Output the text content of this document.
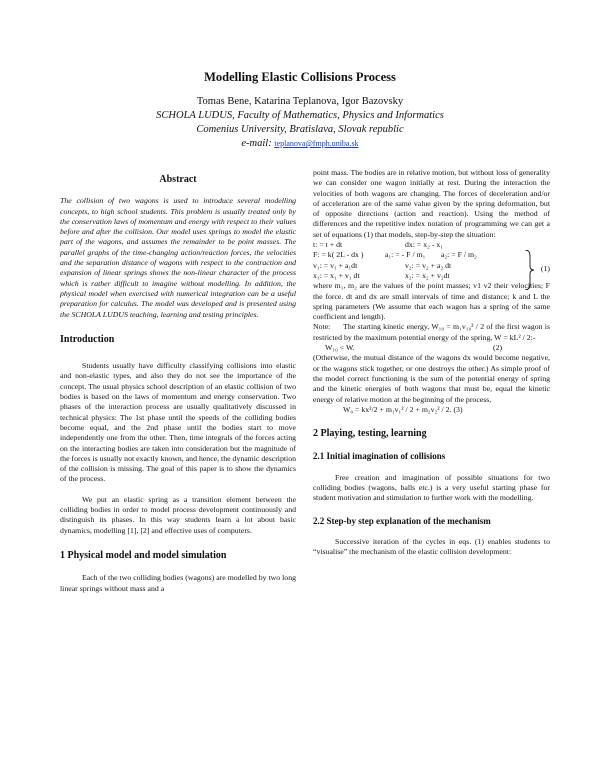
Modelling Elastic Collisions Process

Tomas Bene, Katarina Teplanova, Igor Bazovsky

SCHOLA LUDUS, Faculty of Mathematics, Physics and Informatics

Comenius University, Bratislava, Slovak republic

e-mail: teplanova@fmph.uniba.sk

Abstract

The collision of two wagons is used to introduce several modelling concepts, to high school students. This problem is usually treated only by the conservation laws of momentum and energy with respect to their values before and after the collision. Our model uses springs to model the elastic part of the wagons, and assumes the remainder to be point masses. The parallel graphs of the time-changing action/reaction forces, the velocities and the separation distance of wagons with respect to the contraction and expansion of linear springs shows the non-linear character of the process which is rather difficult to imagine without modelling. In addition, the physical model when exercised with numerical integration can be a useful preparation for calculus. The model was developed and is presented using the SCHOLA LUDUS teaching, learning and testing principles.

Introduction

Students usually have difficulty classifying collisions into elastic and non-elastic types, and also they do not see the importance of the concept. The usual physics school description of an elastic collision of two bodies is based on the laws of momentum and energy conservation. Two phases of the interaction process are usually qualitatively discussed in technical physics: The 1st phase until the speeds of the colliding bodies become equal, and the 2nd phase until the bodies start to move independently one from the other. Then, time integrals of the forces acting on the interacting bodies are taken into consideration but the magnitude of the forces is usually not exactly known, and hence, the dynamic description of the collision is missing. The goal of this paper is to show the dynamics of the process.

We put an elastic spring as a transition element between the colliding bodies in order to model process development continuously and distinguish its phases. In this way students learn a lot about basic dynamics, modelling [1], [2] and effective uses of computers.

1 Physical model and model simulation

Each of the two colliding bodies (wagons) are modelled by two long linear springs without mass and a

point mass. The bodies are in relative motion, but without loss of generality we can consider one wagon initially at rest. During the interaction the velocities of both wagons are changing. The forces of deceleration and/or of acceleration are of the same value given by the spring deformation, but of opposite directions (action and reaction). Using the method of differences and the repetitive index notation of programming we can get a set of equations (1) that models, step-by-step the situation:

t: = t + dt	dx: = x₂ - x₁
F: = k( 2L - dx )	a₁: = - F / m₁ a₂: = F / m₂
v₁: = v₁ + a₁dt	v₂: = v₂ + a₂ dt
x₁: = x₁ + v₁ dt	x₂: = x₂ + v₂dt
(1)

where m₁, m₂ are the values of the point masses; v1 v2 their velocities; F the force. dt and dx are small intervals of time and distance; k and L the spring parameters (We assume that each wagon has a spring of the same coefficient and length).

Note: The starting kinetic energy, W₁₀ = m₁v₁₀² / 2 of the first wagon is restricted by the maximum potential energy of the spring, W = kL² / 2:-

W₁₀ < W.	(2)

(Otherwise, the mutual distance of the wagons dx would become negative, or the wagons stick together, or one destroys the other.) As simple proof of the model correct functioning is the sum of the potential energy of spring and the kinetic energies of both wagons that must be, equal the kinetic energy of relative motion at the beginning of the process,

W₀ = kx²/2 + m₁v₁² / 2 + m₂v₂² / 2. (3)

2 Playing, testing, learning
2.1 Initial imagination of collisions

Free creation and imagination of possible situations for two colliding bodies (wagons, balls etc.) is a very useful starting phase for student motivation and stimulation to further work with the modelling.

2.2 Step-by step explanation of the mechanism

Successive iteration of the cycles in eqs. (1) enables students to “visualise” the mechanism of the elastic collision development:
